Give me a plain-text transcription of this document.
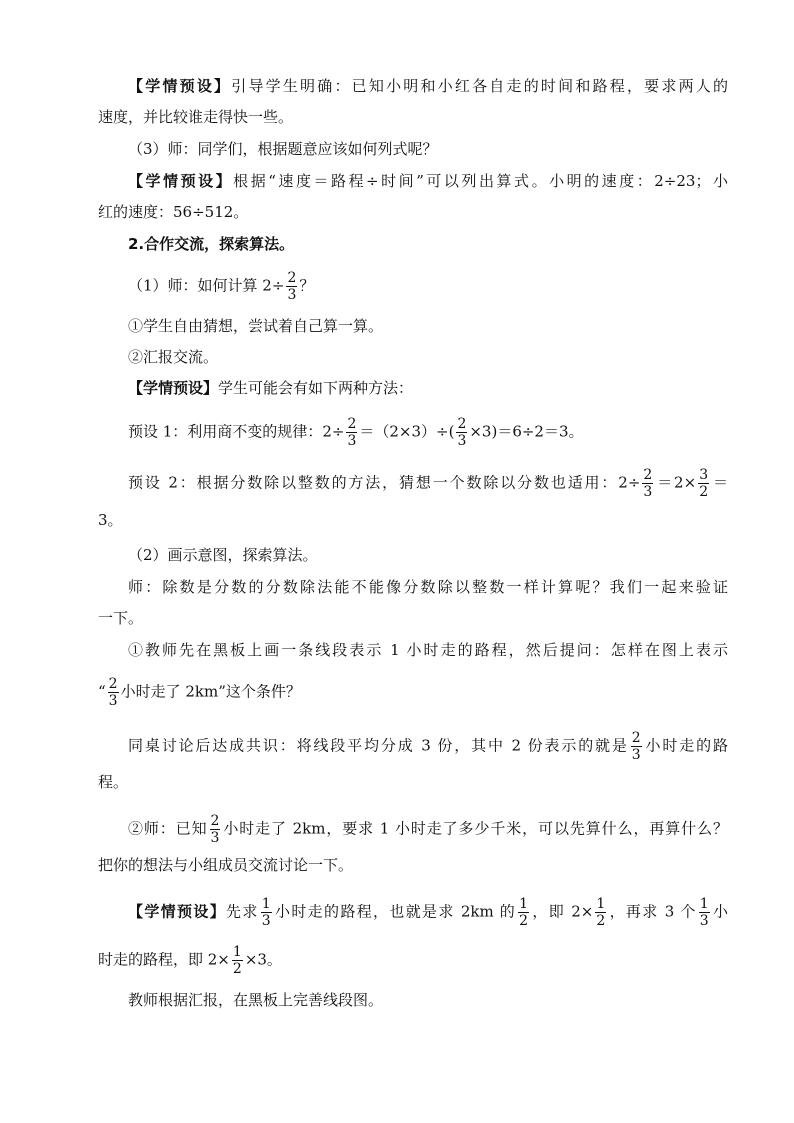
【学情预设】引导学生明确：已知小明和小红各自走的时间和路程，要求两人的
速度，并比较谁走得快一些。
（3）师：同学们，根据题意应该如何列式呢？
【学情预设】根据“速度＝路程÷时间”可以列出算式。小明的速度：2÷23；小
红的速度：56÷512。
2.合作交流，探索算法。
（1）师：如何计算 $2\div \frac{2}{3}$ ？
①学生自由猜想，尝试着自己算一算。
②汇报交流。
【学情预设】学生可能会有如下两种方法：
预设 1：利用商不变的规律：$2\div \frac{2}{3} =(2\times 3)\div( \frac{2}{3} \times 3)=6\div 2=3$。
预设 2：根据分数除以整数的方法，猜想一个数除以分数也适用：$2\div \frac{2}{3} =2\times \frac{3}{2}$ ＝
3。
（2）画示意图，探索算法。
师：除数是分数的分数除法能不能像分数除以整数一样计算呢？我们一起来验证
一下。
①教师先在黑板上画一条线段表示 1 小时走的路程，然后提问：怎样在图上表示
“ $\frac{2}{3}$ 小时走了 2km”这个条件？
同桌讨论后达成共识：将线段平均分成 3 份，其中 2 份表示的就是 $\frac{2}{3}$ 小时走的路
程。
②师：已知 $\frac{2}{3}$ 小时走了 2km，要求 1 小时走了多少千米，可以先算什么，再算什么？
把你的想法与小组成员交流讨论一下。
【学情预设】先求 $\frac{1}{3}$ 小时走的路程，也就是求 2km 的 $\frac{1}{2}$ ，即 $2\times \frac{1}{2}$ ，再求 3 个 $\frac{1}{3}$ 小
时走的路程，即 $2\times \frac{1}{2} \times 3$。
教师根据汇报，在黑板上完善线段图。
